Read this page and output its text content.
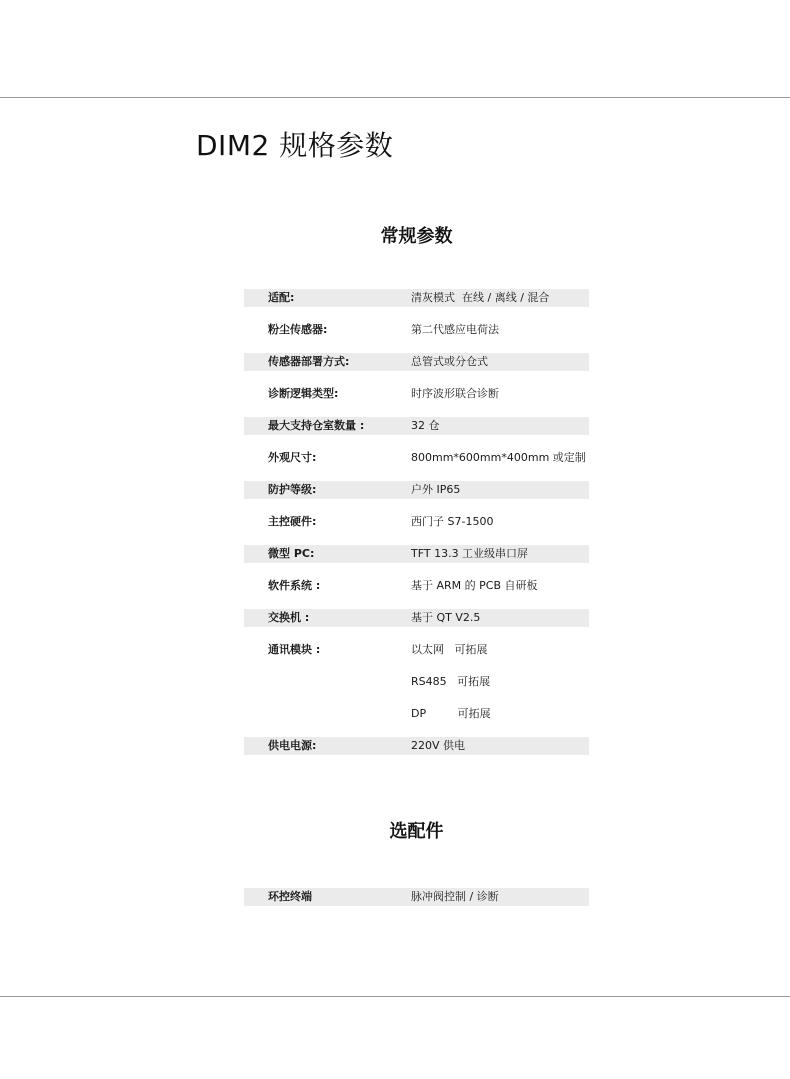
DIM2 规格参数
常规参数
适配:	清灰模式  在线 / 离线 / 混合
粉尘传感器:	第二代感应电荷法
传感器部署方式:	总管式或分仓式
诊断逻辑类型:	时序波形联合诊断
最大支持仓室数量 :	32 仓
外观尺寸:	800mm*600mm*400mm 或定制
防护等级:	户外 IP65
主控硬件:	西门子 S7-1500
微型 PC:	TFT 13.3 工业级串口屏
软件系统 :	基于 ARM 的 PCB 自研板
交换机 :	基于 QT V2.5
通讯模块 :	以太网   可拓展
RS485   可拓展
DP         可拓展
供电电源:	220V 供电
选配件
环控终端	脉冲阀控制 / 诊断
